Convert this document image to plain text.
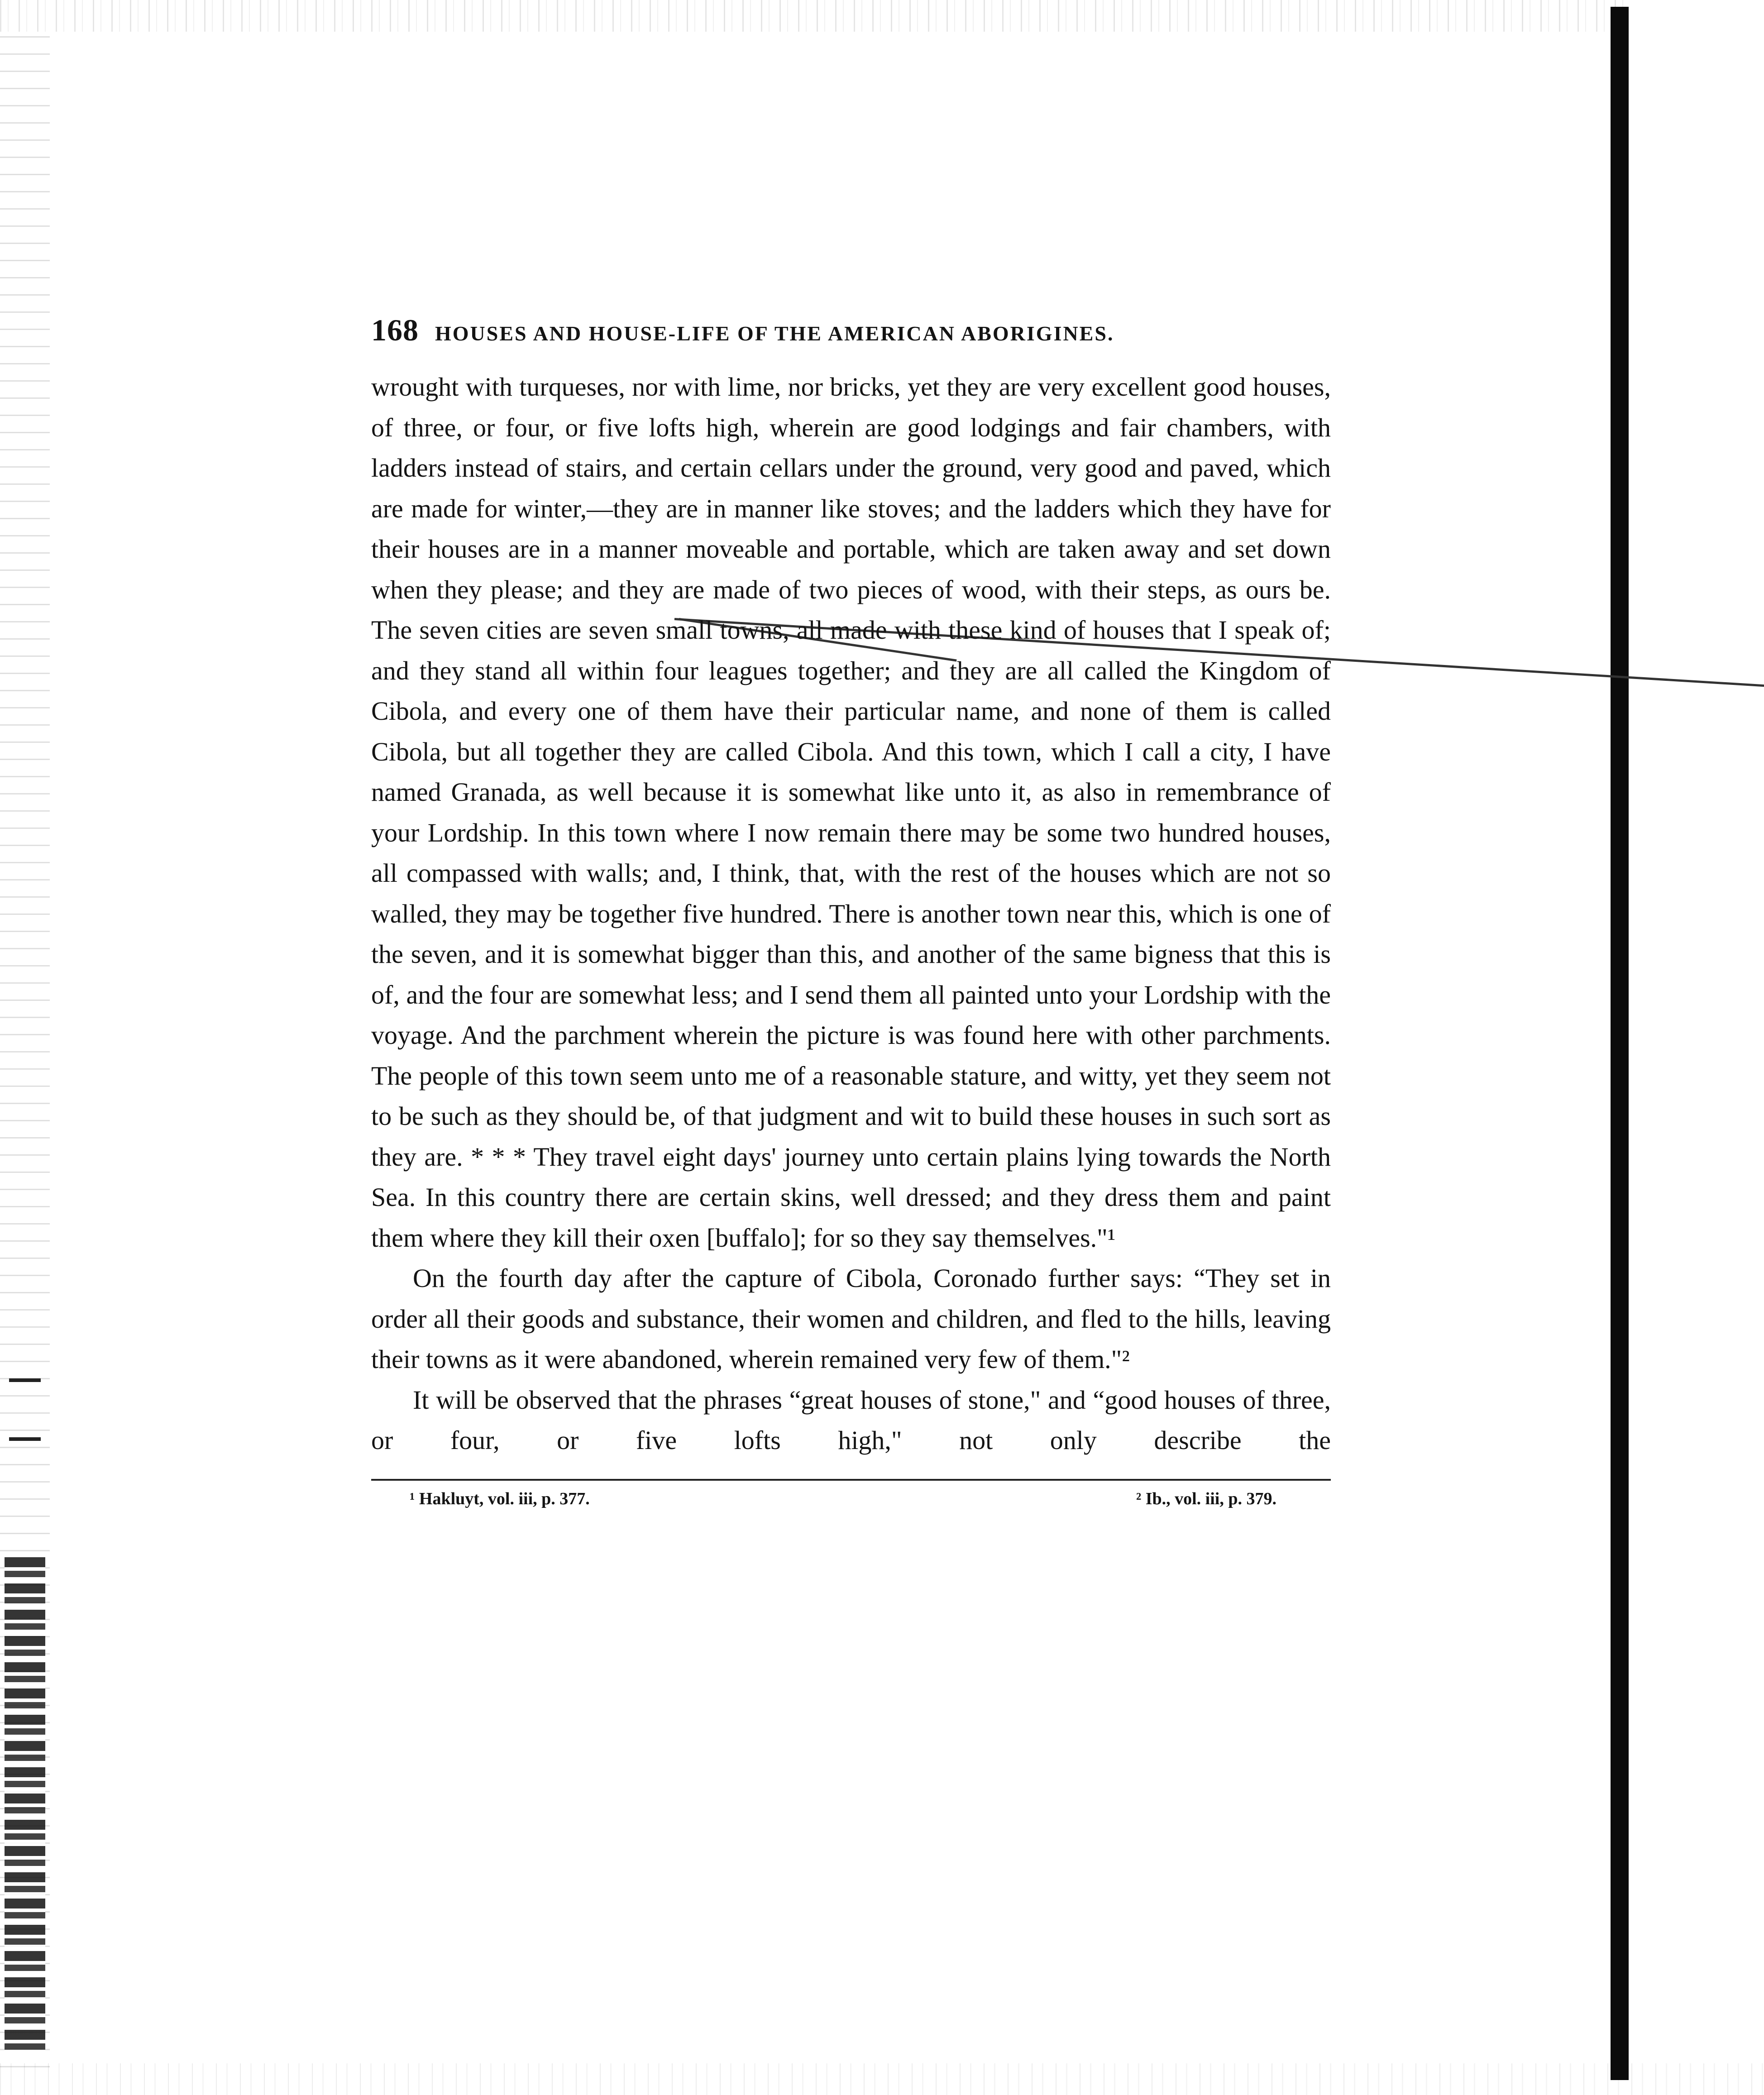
168 HOUSES AND HOUSE-LIFE OF THE AMERICAN ABORIGINES.

wrought with turqueses, nor with lime, nor bricks, yet they are very excellent good houses, of three, or four, or five lofts high, wherein are good lodgings and fair chambers, with ladders instead of stairs, and certain cellars under the ground, very good and paved, which are made for winter,—they are in manner like stoves; and the ladders which they have for their houses are in a manner moveable and portable, which are taken away and set down when they please; and they are made of two pieces of wood, with their steps, as ours be. The seven cities are seven small towns, all made with these kind of houses that I speak of; and they stand all within four leagues together; and they are all called the Kingdom of Cibola, and every one of them have their particular name, and none of them is called Cibola, but all together they are called Cibola. And this town, which I call a city, I have named Granada, as well because it is somewhat like unto it, as also in remembrance of your Lordship. In this town where I now remain there may be some two hundred houses, all compassed with walls; and, I think, that, with the rest of the houses which are not so walled, they may be together five hundred. There is another town near this, which is one of the seven, and it is somewhat bigger than this, and another of the same bigness that this is of, and the four are somewhat less; and I send them all painted unto your Lordship with the voyage. And the parchment wherein the picture is was found here with other parchments. The people of this town seem unto me of a reasonable stature, and witty, yet they seem not to be such as they should be, of that judgment and wit to build these houses in such sort as they are. * * * They travel eight days' journey unto certain plains lying towards the North Sea. In this country there are certain skins, well dressed; and they dress them and paint them where they kill their oxen [buffalo]; for so they say themselves."¹

On the fourth day after the capture of Cibola, Coronado further says: “They set in order all their goods and substance, their women and children, and fled to the hills, leaving their towns as it were abandoned, wherein remained very few of them."²

It will be observed that the phrases “great houses of stone," and “good houses of three, or four, or five lofts high," not only describe the

¹ Hakluyt, vol. iii, p. 377.	² Ib., vol. iii, p. 379.
